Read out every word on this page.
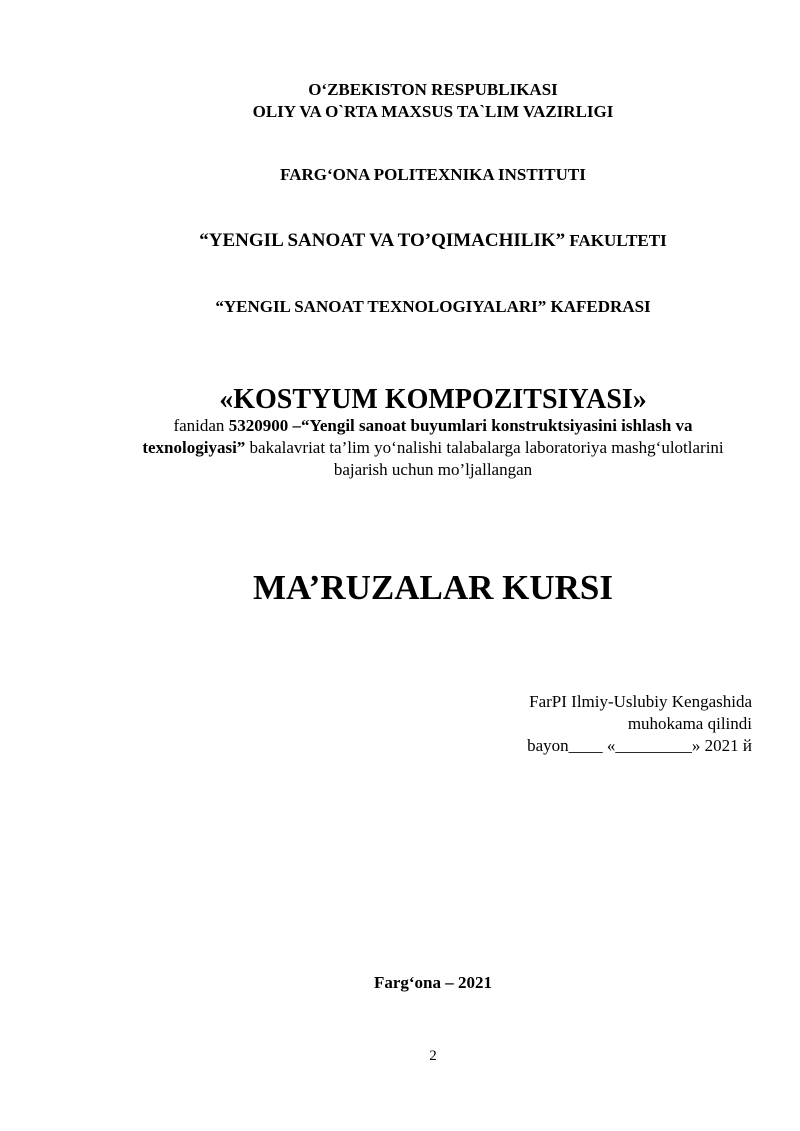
O‘ZBEKISTON RESPUBLIKASI
OLIY VA O`RTA MAXSUS TA`LIM VAZIRLIGI
FARG‘ONA POLITEXNIKA INSTITUTI
“YENGIL SANOAT VA TO’QIMACHILIK” FAKULTETI
“YENGIL SANOAT TEXNOLOGIYALARI” KAFEDRASI
«KOSTYUM KOMPOZITSIYASI»
fanidan 5320900 –“Yengil sanoat buyumlari konstruktsiyasini ishlash va texnologiyasi” bakalavriat ta’lim yo‘nalishi talabalarga laboratoriya mashg‘ulotlarini bajarish uchun mo’ljallangan
MA’RUZALAR KURSI
FarPI Ilmiy-Uslubiy Kengashida
muhokama qilindi
bayon____ «_________» 2021 й
Farg‘ona – 2021
2
